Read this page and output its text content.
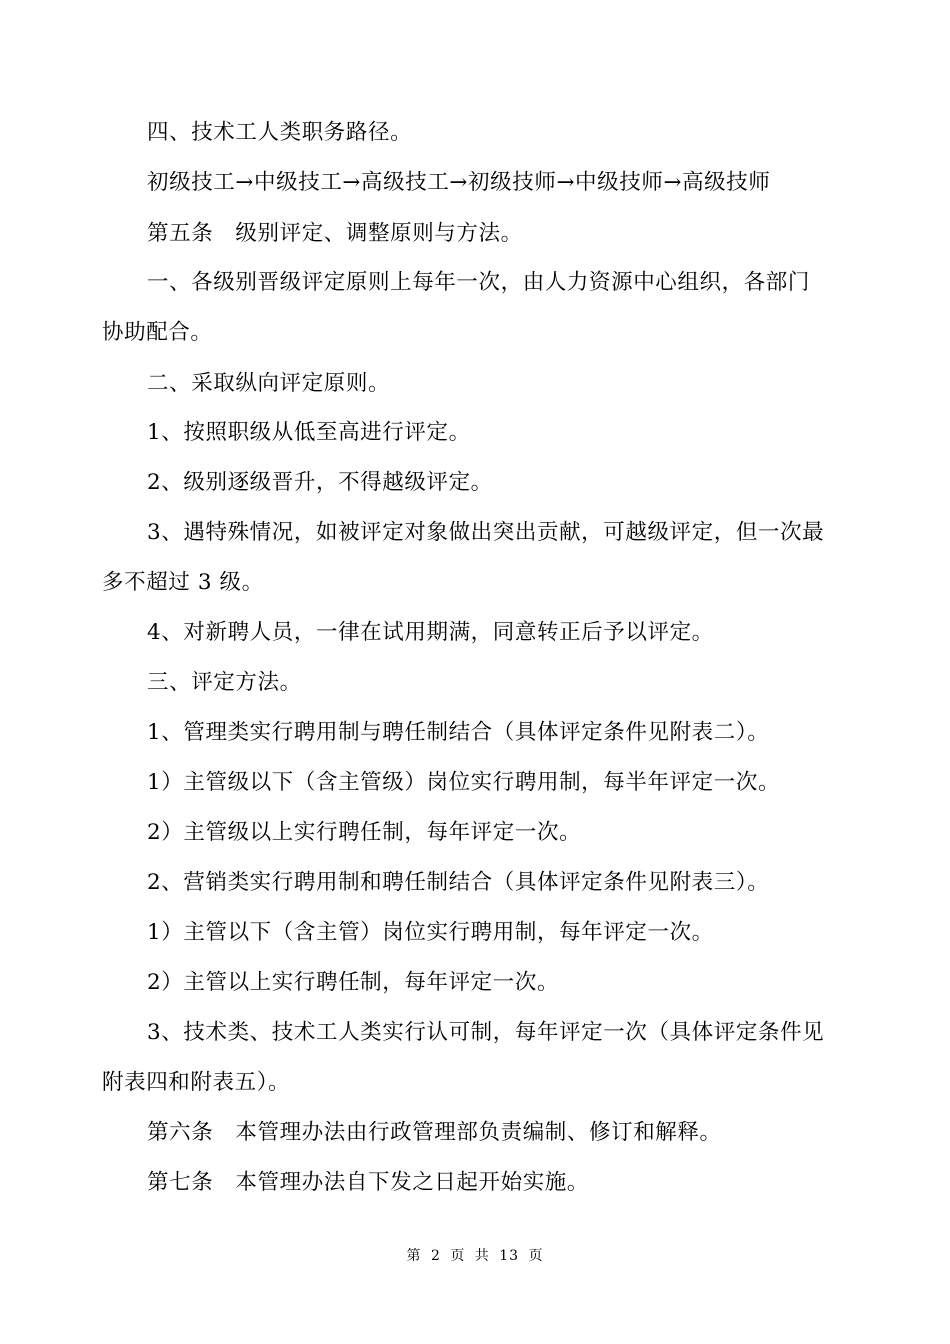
四、技术工人类职务路径。
初级技工→中级技工→高级技工→初级技师→中级技师→高级技师
第五条　级别评定、调整原则与方法。
一、各级别晋级评定原则上每年一次，由人力资源中心组织，各部门
协助配合。
二、采取纵向评定原则。
1、按照职级从低至高进行评定。
2、级别逐级晋升，不得越级评定。
3、遇特殊情况，如被评定对象做出突出贡献，可越级评定，但一次最
多不超过 3 级。
4、对新聘人员，一律在试用期满，同意转正后予以评定。
三、评定方法。
1、管理类实行聘用制与聘任制结合（具体评定条件见附表二）。
1）主管级以下（含主管级）岗位实行聘用制，每半年评定一次。
2）主管级以上实行聘任制，每年评定一次。
2、营销类实行聘用制和聘任制结合（具体评定条件见附表三）。
1）主管以下（含主管）岗位实行聘用制，每年评定一次。
2）主管以上实行聘任制，每年评定一次。
3、技术类、技术工人类实行认可制，每年评定一次（具体评定条件见
附表四和附表五）。
第六条　本管理办法由行政管理部负责编制、修订和解释。
第七条　本管理办法自下发之日起开始实施。
第 2 页 共 13 页
